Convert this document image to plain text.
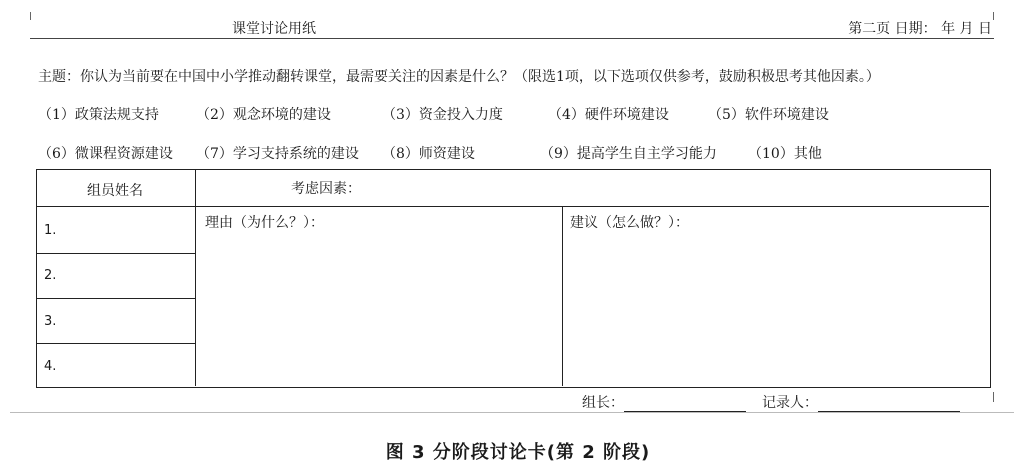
课堂讨论用纸	第二页 日期： 年 月 日
主题：你认为当前要在中国中小学推动翻转课堂，最需要关注的因素是什么？（限选1项，以下选项仅供参考，鼓励积极思考其他因素。）
（1）政策法规支持	（2）观念环境的建设	（3）资金投入力度	（4）硬件环境建设	（5）软件环境建设
（6）微课程资源建设 （7）学习支持系统的建设 （8）师资建设	（9）提高学生自主学习能力 （10）其他
组员姓名	考虑因素：
理由（为什么？）：	建议（怎么做？）：
1.
2.
3.
4.
组长：	记录人：
图 3 分阶段讨论卡(第 2 阶段)
